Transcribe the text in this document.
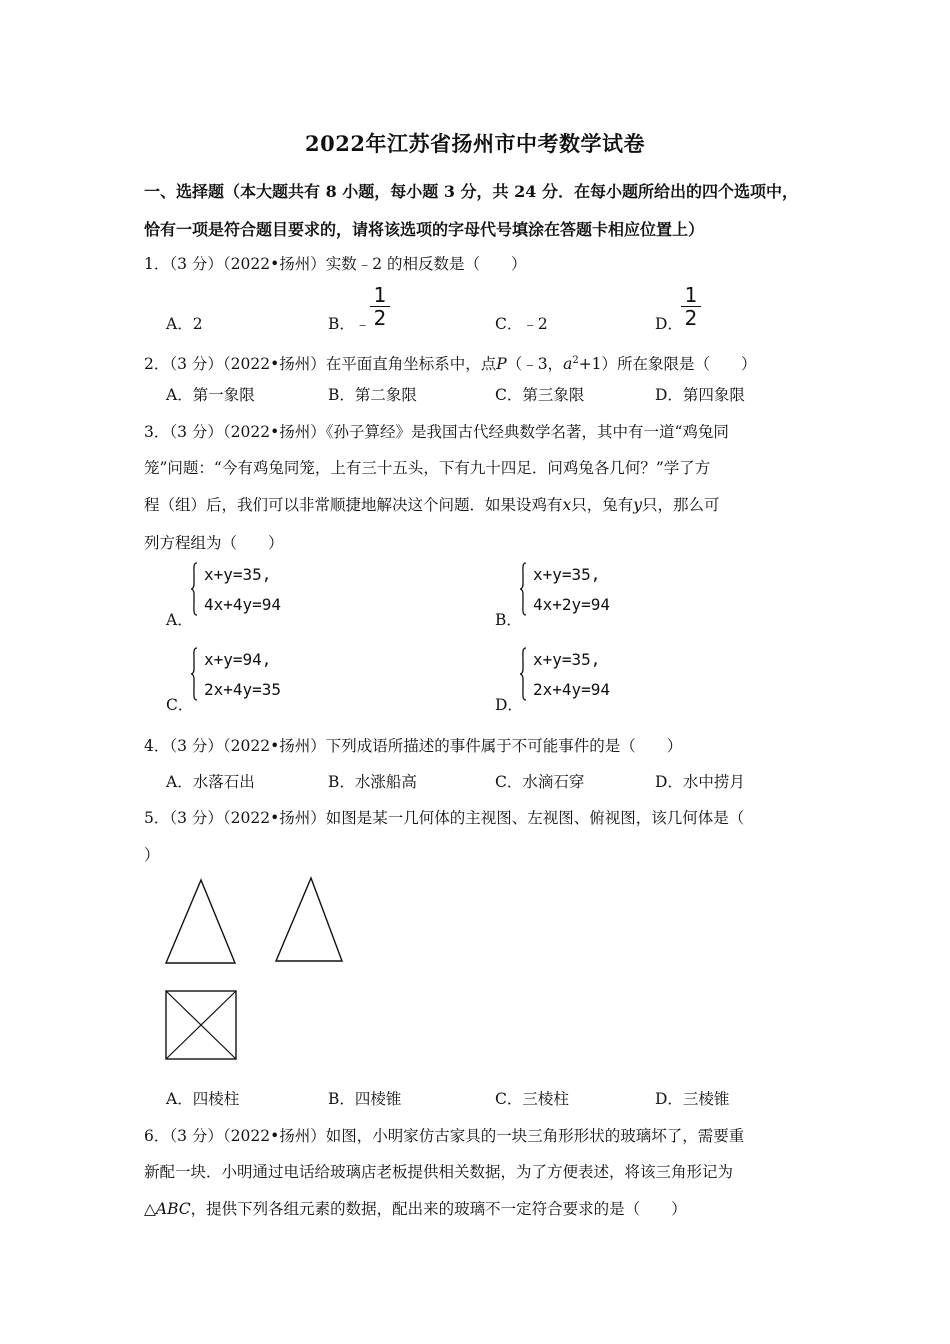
2022年江苏省扬州市中考数学试卷
一、选择题（本大题共有 8 小题，每小题 3 分，共 24 分．在每小题所给出的四个选项中，
恰有一项是符合题目要求的，请将该选项的字母代号填涂在答题卡相应位置上）
1．（3 分）（2022•扬州）实数﹣2 的相反数是（　　）
A．2	B．﹣
1
2	C．﹣2	D．
1
2
2．（3 分）（2022•扬州）在平面直角坐标系中，点P（﹣3，$a^2+1$）所在象限是（　　）
A．第一象限	B．第二象限	C．第三象限	D．第四象限
3．（3 分）（2022•扬州）《孙子算经》是我国古代经典数学名著，其中有一道“鸡兔同
笼”问题：“今有鸡兔同笼，上有三十五头，下有九十四足．问鸡兔各几何？”学了方
程（组）后，我们可以非常顺捷地解决这个问题．如果设鸡有x只，兔有y只，那么可
列方程组为（　　）
A．
x+y=35,
4x+4y=94
B．
x+y=35,
4x+2y=94
C．
x+y=94,
2x+4y=35
D．
x+y=35,
2x+4y=94
4．（3 分）（2022•扬州）下列成语所描述的事件属于不可能事件的是（　　）
A．水落石出	B．水涨船高	C．水滴石穿	D．水中捞月
5．（3 分）（2022•扬州）如图是某一几何体的主视图、左视图、俯视图，该几何体是（
）
A．四棱柱	B．四棱锥	C．三棱柱	D．三棱锥
6．（3 分）（2022•扬州）如图，小明家仿古家具的一块三角形形状的玻璃坏了，需要重
新配一块．小明通过电话给玻璃店老板提供相关数据，为了方便表述，将该三角形记为
△ABC，提供下列各组元素的数据，配出来的玻璃不一定符合要求的是（　　）
